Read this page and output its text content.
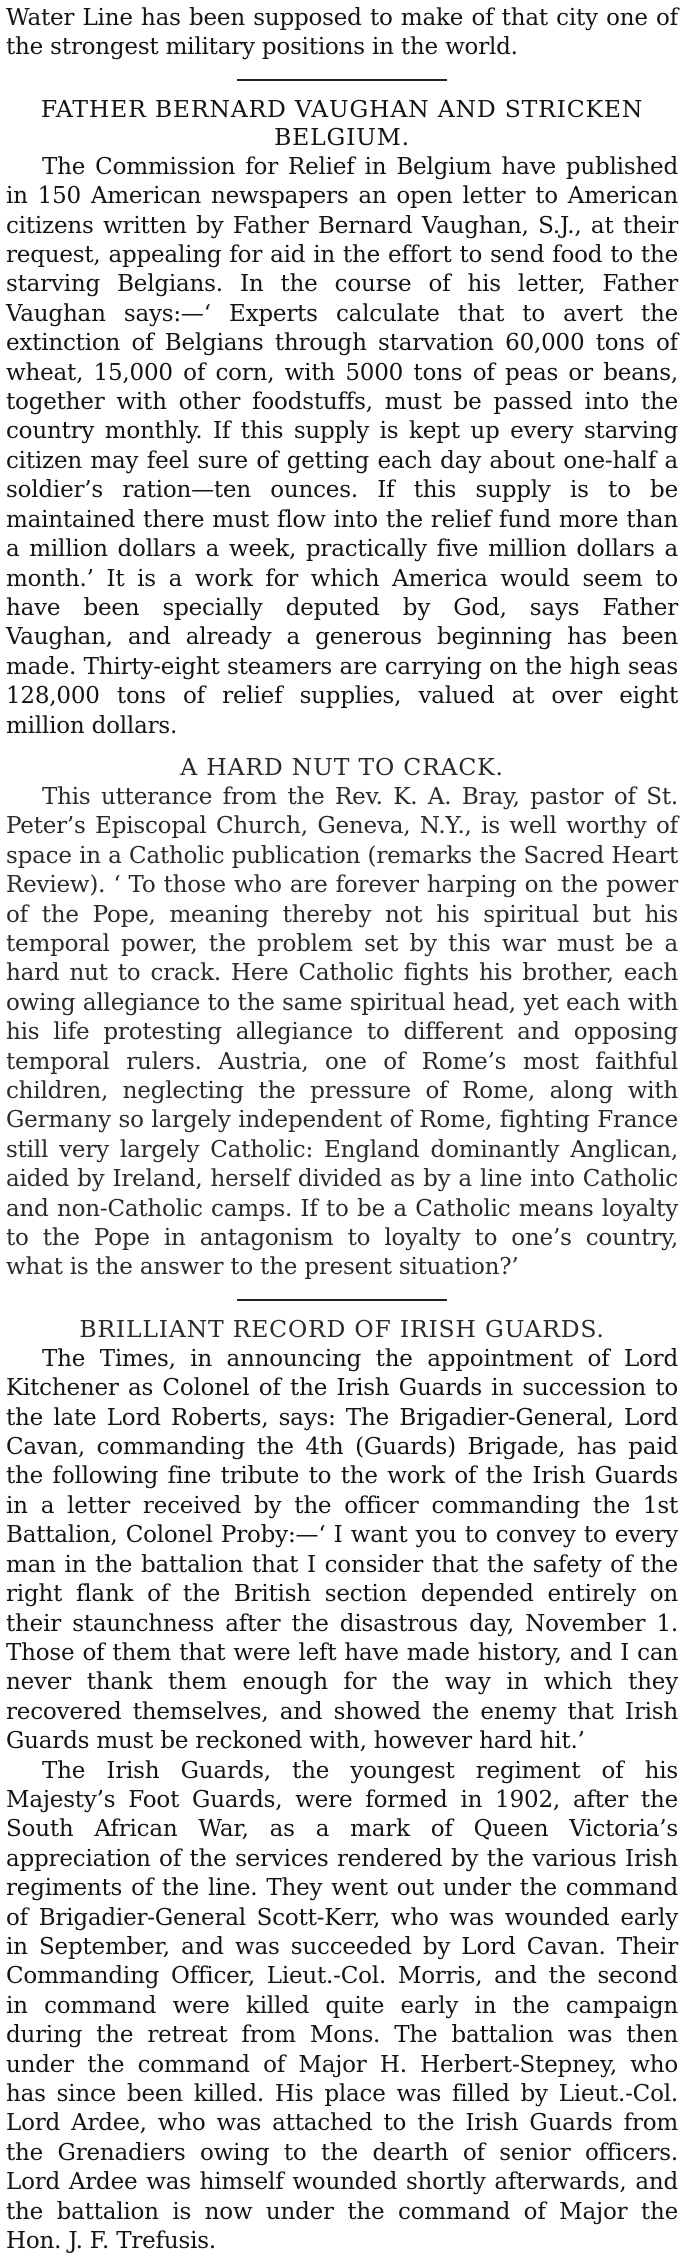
Water Line has been supposed to make of that city one of the strongest military positions in the world.

FATHER BERNARD VAUGHAN AND STRICKEN
BELGIUM.

The Commission for Relief in Belgium have published in 150 American newspapers an open letter to American citizens written by Father Bernard Vaughan, S.J., at their request, appealing for aid in the effort to send food to the starving Belgians. In the course of his letter, Father Vaughan says:—‘ Experts calculate that to avert the extinction of Belgians through starvation 60,000 tons of wheat, 15,000 of corn, with 5000 tons of peas or beans, together with other foodstuffs, must be passed into the country monthly. If this supply is kept up every starving citizen may feel sure of getting each day about one-half a soldier’s ration—ten ounces. If this supply is to be maintained there must flow into the relief fund more than a million dollars a week, practically five million dollars a month.’ It is a work for which America would seem to have been specially deputed by God, says Father Vaughan, and already a generous beginning has been made. Thirty-eight steamers are carrying on the high seas 128,000 tons of relief supplies, valued at over eight million dollars.

A HARD NUT TO CRACK.

This utterance from the Rev. K. A. Bray, pastor of St. Peter’s Episcopal Church, Geneva, N.Y., is well worthy of space in a Catholic publication (remarks the Sacred Heart Review). ‘ To those who are forever harping on the power of the Pope, meaning thereby not his spiritual but his temporal power, the problem set by this war must be a hard nut to crack. Here Catholic fights his brother, each owing allegiance to the same spiritual head, yet each with his life protesting allegiance to different and opposing temporal rulers. Austria, one of Rome’s most faithful children, neglecting the pressure of Rome, along with Germany so largely independent of Rome, fighting France still very largely Catholic: England dominantly Anglican, aided by Ireland, herself divided as by a line into Catholic and non-Catholic camps. If to be a Catholic means loyalty to the Pope in antagonism to loyalty to one’s country, what is the answer to the present situation?’

BRILLIANT RECORD OF IRISH GUARDS.

The Times, in announcing the appointment of Lord Kitchener as Colonel of the Irish Guards in succession to the late Lord Roberts, says: The Brigadier-General, Lord Cavan, commanding the 4th (Guards) Brigade, has paid the following fine tribute to the work of the Irish Guards in a letter received by the officer commanding the 1st Battalion, Colonel Proby:—‘ I want you to convey to every man in the battalion that I consider that the safety of the right flank of the British section depended entirely on their staunchness after the disastrous day, November 1. Those of them that were left have made history, and I can never thank them enough for the way in which they recovered themselves, and showed the enemy that Irish Guards must be reckoned with, however hard hit.’

The Irish Guards, the youngest regiment of his Majesty’s Foot Guards, were formed in 1902, after the South African War, as a mark of Queen Victoria’s appreciation of the services rendered by the various Irish regiments of the line. They went out under the command of Brigadier-General Scott-Kerr, who was wounded early in September, and was succeeded by Lord Cavan. Their Commanding Officer, Lieut.-Col. Morris, and the second in command were killed quite early in the campaign during the retreat from Mons. The battalion was then under the command of Major H. Herbert-Stepney, who has since been killed. His place was filled by Lieut.-Col. Lord Ardee, who was attached to the Irish Guards from the Grenadiers owing to the dearth of senior officers. Lord Ardee was himself wounded shortly afterwards, and the battalion is now under the command of Major the Hon. J. F. Trefusis.
